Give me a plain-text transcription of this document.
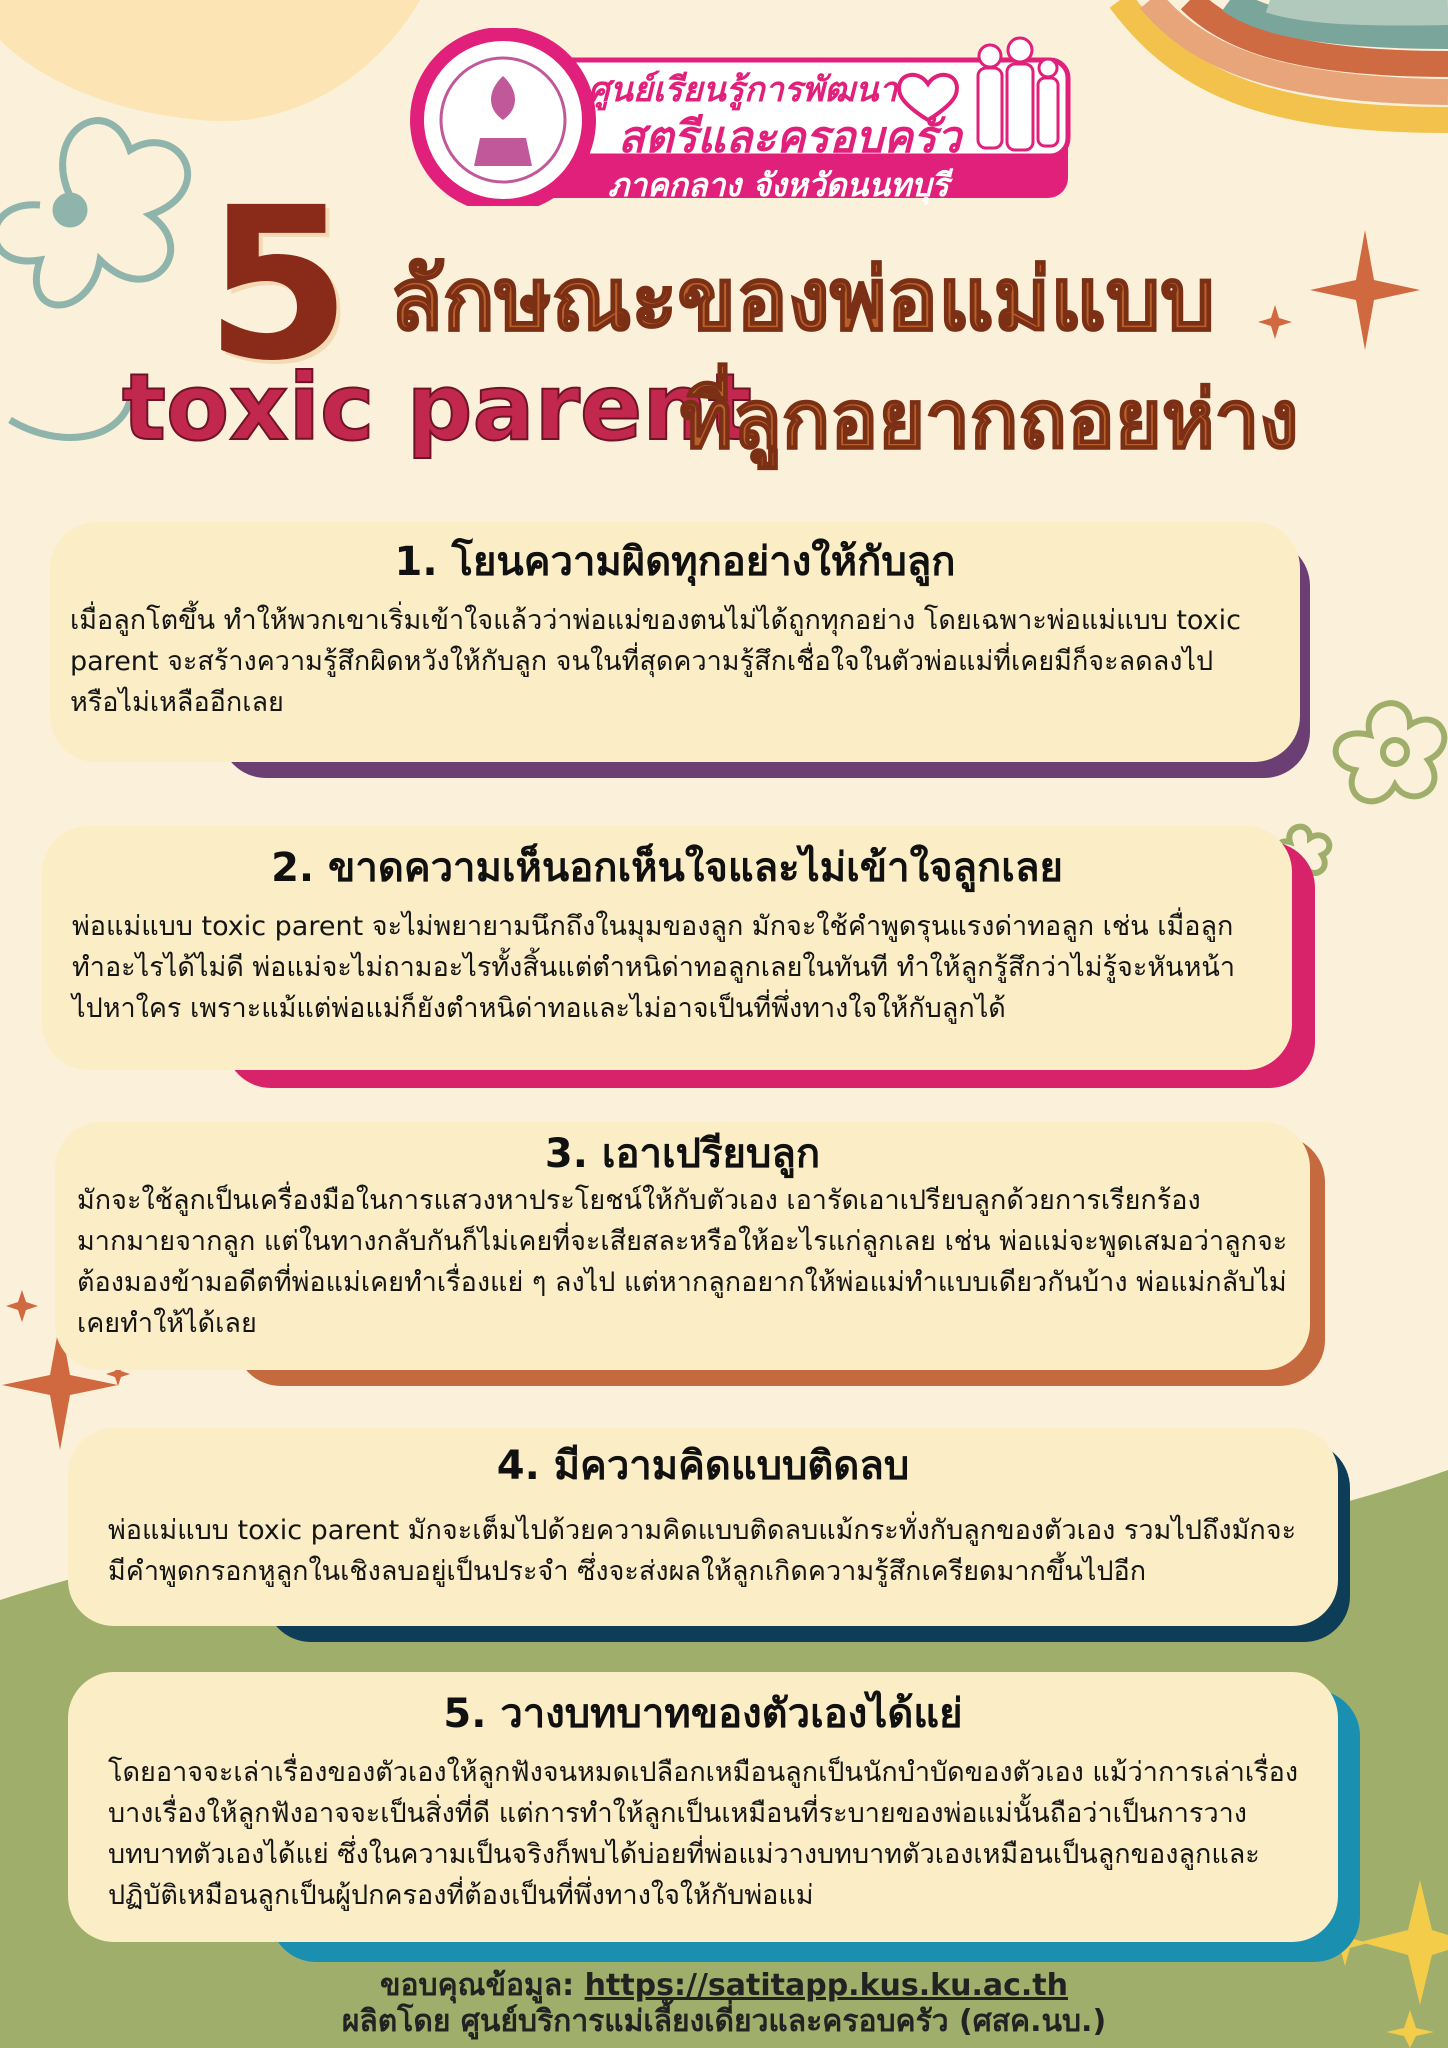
ศูนย์เรียนรู้การพัฒนา
สตรีและครอบครัว
ภาคกลาง จังหวัดนนทบุรี
5 ลักษณะของพ่อแม่แบบ
toxic parent
ที่ลูกอยากถอยห่าง
1. โยนความผิดทุกอย่างให้กับลูก

เมื่อลูกโตขึ้น ทำให้พวกเขาเริ่มเข้าใจแล้วว่าพ่อแม่ของตนไม่ได้ถูกทุกอย่าง โดยเฉพาะพ่อแม่แบบ toxic parent จะสร้างความรู้สึกผิดหวังให้กับลูก จนในที่สุดความรู้สึกเชื่อใจในตัวพ่อแม่ที่เคยมีก็จะลดลงไปหรือไม่เหลืออีกเลย

2. ขาดความเห็นอกเห็นใจและไม่เข้าใจลูกเลย

พ่อแม่แบบ toxic parent จะไม่พยายามนึกถึงในมุมของลูก มักจะใช้คำพูดรุนแรงด่าทอลูก เช่น เมื่อลูกทำอะไรได้ไม่ดี พ่อแม่จะไม่ถามอะไรทั้งสิ้นแต่ตำหนิด่าทอลูกเลยในทันที ทำให้ลูกรู้สึกว่าไม่รู้จะหันหน้าไปหาใคร เพราะแม้แต่พ่อแม่ก็ยังตำหนิด่าทอและไม่อาจเป็นที่พึ่งทางใจให้กับลูกได้

3. เอาเปรียบลูก

มักจะใช้ลูกเป็นเครื่องมือในการแสวงหาประโยชน์ให้กับตัวเอง เอารัดเอาเปรียบลูกด้วยการเรียกร้องมากมายจากลูก แต่ในทางกลับกันก็ไม่เคยที่จะเสียสละหรือให้อะไรแก่ลูกเลย เช่น พ่อแม่จะพูดเสมอว่าลูกจะต้องมองข้ามอดีตที่พ่อแม่เคยทำเรื่องแย่ ๆ ลงไป แต่หากลูกอยากให้พ่อแม่ทำแบบเดียวกันบ้าง พ่อแม่กลับไม่เคยทำให้ได้เลย

4. มีความคิดแบบติดลบ

พ่อแม่แบบ toxic parent มักจะเต็มไปด้วยความคิดแบบติดลบแม้กระทั่งกับลูกของตัวเอง รวมไปถึงมักจะมีคำพูดกรอกหูลูกในเชิงลบอยู่เป็นประจำ ซึ่งจะส่งผลให้ลูกเกิดความรู้สึกเครียดมากขึ้นไปอีก

5. วางบทบาทของตัวเองได้แย่

โดยอาจจะเล่าเรื่องของตัวเองให้ลูกฟังจนหมดเปลือกเหมือนลูกเป็นนักบำบัดของตัวเอง แม้ว่าการเล่าเรื่องบางเรื่องให้ลูกฟังอาจจะเป็นสิ่งที่ดี แต่การทำให้ลูกเป็นเหมือนที่ระบายของพ่อแม่นั้นถือว่าเป็นการวางบทบาทตัวเองได้แย่ ซึ่งในความเป็นจริงก็พบได้บ่อยที่พ่อแม่วางบทบาทตัวเองเหมือนเป็นลูกของลูกและปฏิบัติเหมือนลูกเป็นผู้ปกครองที่ต้องเป็นที่พึ่งทางใจให้กับพ่อแม่

ขอบคุณข้อมูล: https://satitapp.kus.ku.ac.th
ผลิตโดย ศูนย์บริการแม่เลี้ยงเดี่ยวและครอบครัว (ศสค.นบ.)
